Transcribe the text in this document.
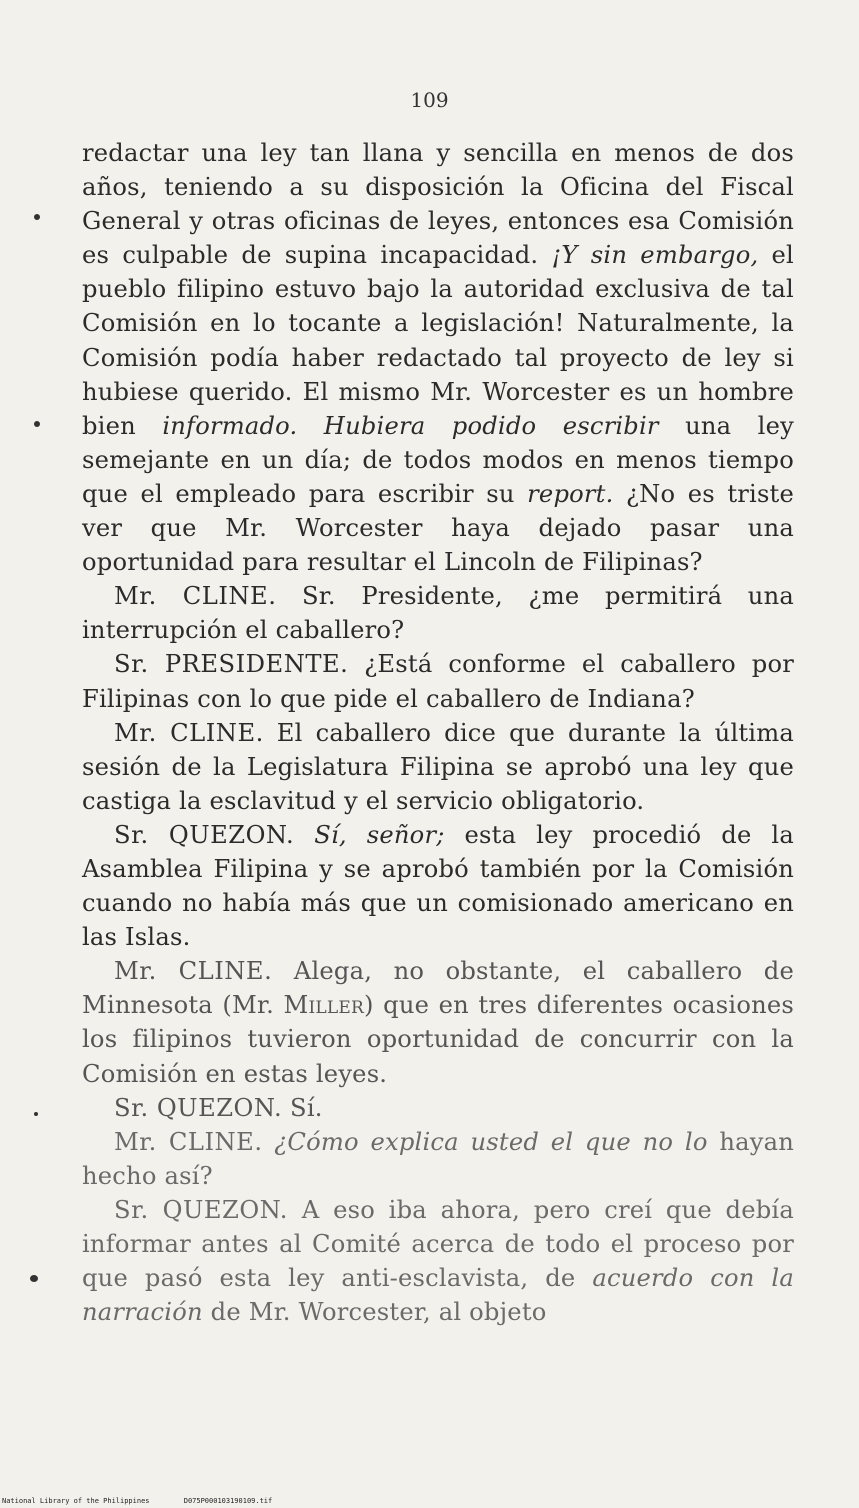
109

redactar una ley tan llana y sencilla en menos de dos años, teniendo a su disposición la Oficina del Fiscal General y otras oficinas de leyes, entonces esa Comisión es culpable de supina incapacidad. ¡Y sin embargo, el pueblo filipino estuvo bajo la autoridad exclusiva de tal Comisión en lo tocante a legislación! Naturalmente, la Comisión podía haber redactado tal proyecto de ley si hubiese querido. El mismo Mr. Worcester es un hombre bien informado. Hubiera podido escribir una ley semejante en un día; de todos modos en menos tiempo que el empleado para escribir su report. ¿No es triste ver que Mr. Worcester haya dejado pasar una oportunidad para resultar el Lincoln de Filipinas?

Mr. CLINE. Sr. Presidente, ¿me permitirá una interrupción el caballero?

Sr. PRESIDENTE. ¿Está conforme el caballero por Filipinas con lo que pide el caballero de Indiana?

Mr. CLINE. El caballero dice que durante la última sesión de la Legislatura Filipina se aprobó una ley que castiga la esclavitud y el servicio obligatorio.

Sr. QUEZON. Sí, señor; esta ley procedió de la Asamblea Filipina y se aprobó también por la Comisión cuando no había más que un comisionado americano en las Islas.

Mr. CLINE. Alega, no obstante, el caballero de Minnesota (Mr. Miller) que en tres diferentes ocasiones los filipinos tuvieron oportunidad de concurrir con la Comisión en estas leyes.

Sr. QUEZON. Sí.

Mr. CLINE. ¿Cómo explica usted el que no lo hayan hecho así?

Sr. QUEZON. A eso iba ahora, pero creí que debía informar antes al Comité acerca de todo el proceso por que pasó esta ley anti-esclavista, de acuerdo con la narración de Mr. Worcester, al objeto

National Library of the Philippines	D075P000103190109.tif
